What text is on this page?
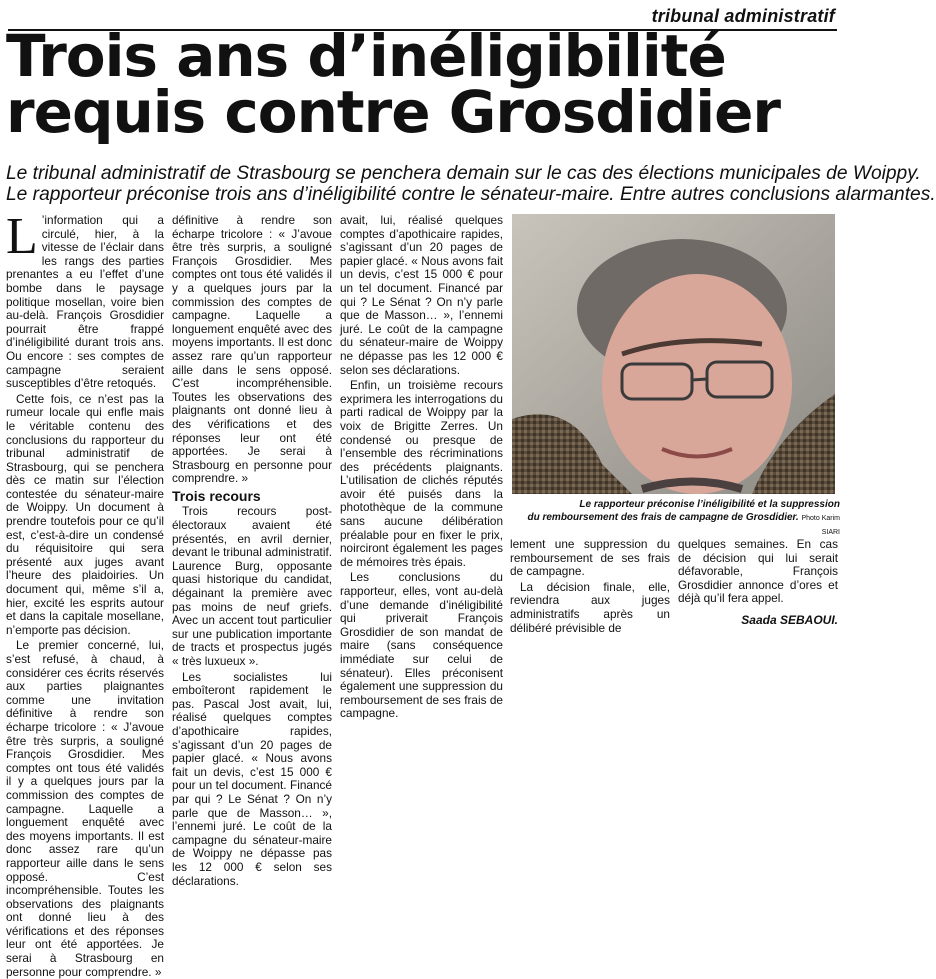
tribunal administratif
Trois ans d’inéligibilité
requis contre Grosdidier
Le tribunal administratif de Strasbourg se penchera demain sur le cas des élections municipales de Woippy.
Le rapporteur préconise trois ans d’inéligibilité contre le sénateur-maire. Entre autres conclusions alarmantes.

L ’information qui a circulé, hier, à la vitesse de l’éclair dans les rangs des parties prenantes a eu l’effet d’une bombe dans le paysage politique mosellan, voire bien au-delà. François Grosdidier pourrait être frappé d’inéligibilité durant trois ans. Ou encore : ses comptes de campagne seraient susceptibles d’être retoqués.

Cette fois, ce n’est pas la rumeur locale qui enfle mais le véritable contenu des conclusions du rapporteur du tribunal administratif de Strasbourg, qui se penchera dès ce matin sur l’élection contestée du sénateur-maire de Woippy. Un document à prendre toutefois pour ce qu’il est, c’est-à-dire un condensé du réquisitoire qui sera présenté aux juges avant l’heure des plaidoiries. Un document qui, même s’il a, hier, excité les esprits autour et dans la capitale mosellane, n’emporte pas décision.

Le premier concerné, lui, s’est refusé, à chaud, à considérer ces écrits réservés aux parties plaignantes comme une invitation définitive à rendre son écharpe tricolore : « J’avoue être très surpris, a souligné François Grosdidier. Mes comptes ont tous été validés il y a quelques jours par la commission des comptes de campagne. Laquelle a longuement enquêté avec des moyens importants. Il est donc assez rare qu’un rapporteur aille dans le sens opposé. C’est incompréhensible. Toutes les observations des plaignants ont donné lieu à des vérifications et des réponses leur ont été apportées. Je serai à Strasbourg en personne pour comprendre. »

définitive à rendre son écharpe tricolore : « J’avoue être très surpris, a souligné François Grosdidier. Mes comptes ont tous été validés il y a quelques jours par la commission des comptes de campagne. Laquelle a longuement enquêté avec des moyens importants. Il est donc assez rare qu’un rapporteur aille dans le sens opposé. C’est incompréhensible. Toutes les observations des plaignants ont donné lieu à des vérifications et des réponses leur ont été apportées. Je serai à Strasbourg en personne pour comprendre. »

Trois recours

Trois recours post-électoraux avaient été présentés, en avril dernier, devant le tribunal administratif. Laurence Burg, opposante quasi historique du candidat, dégainant la première avec pas moins de neuf griefs. Avec un accent tout particulier sur une publication importante de tracts et prospectus jugés « très luxueux ».

Les socialistes lui emboîteront rapidement le pas. Pascal Jost avait, lui, réalisé quelques comptes d’apothicaire rapides, s’agissant d’un 20 pages de papier glacé. « Nous avons fait un devis, c’est 15 000 € pour un tel document. Financé par qui ? Le Sénat ? On n’y parle que de Masson… », l’ennemi juré. Le coût de la campagne du sénateur-maire de Woippy ne dépasse pas les 12 000 € selon ses déclarations.

avait, lui, réalisé quelques comptes d’apothicaire rapides, s’agissant d’un 20 pages de papier glacé. « Nous avons fait un devis, c’est 15 000 € pour un tel document. Financé par qui ? Le Sénat ? On n’y parle que de Masson… », l’ennemi juré. Le coût de la campagne du sénateur-maire de Woippy ne dépasse pas les 12 000 € selon ses déclarations.

Enfin, un troisième recours exprimera les interrogations du parti radical de Woippy par la voix de Brigitte Zerres. Un condensé ou presque de l’ensemble des récriminations des précédents plaignants. L’utilisation de clichés réputés avoir été puisés dans la photothèque de la commune sans aucune délibération préalable pour en fixer le prix, noirciront également les pages de mémoires très épais.

Les conclusions du rapporteur, elles, vont au-delà d’une demande d’inéligibilité qui priverait François Grosdidier de son mandat de maire (sans conséquence immédiate sur celui de sénateur). Elles préconisent également une suppression du remboursement de ses frais de campagne.

Le rapporteur préconise l’inéligibilité et la suppression
du remboursement des frais de campagne de Grosdidier. Photo Karim SIARI

lement une suppression du remboursement de ses frais de campagne.

La décision finale, elle, reviendra aux juges administratifs après un délibéré prévisible de

quelques semaines. En cas de décision qui lui serait défavorable, François Grosdidier annonce d’ores et déjà qu’il fera appel.

Saada SEBAOUI.
